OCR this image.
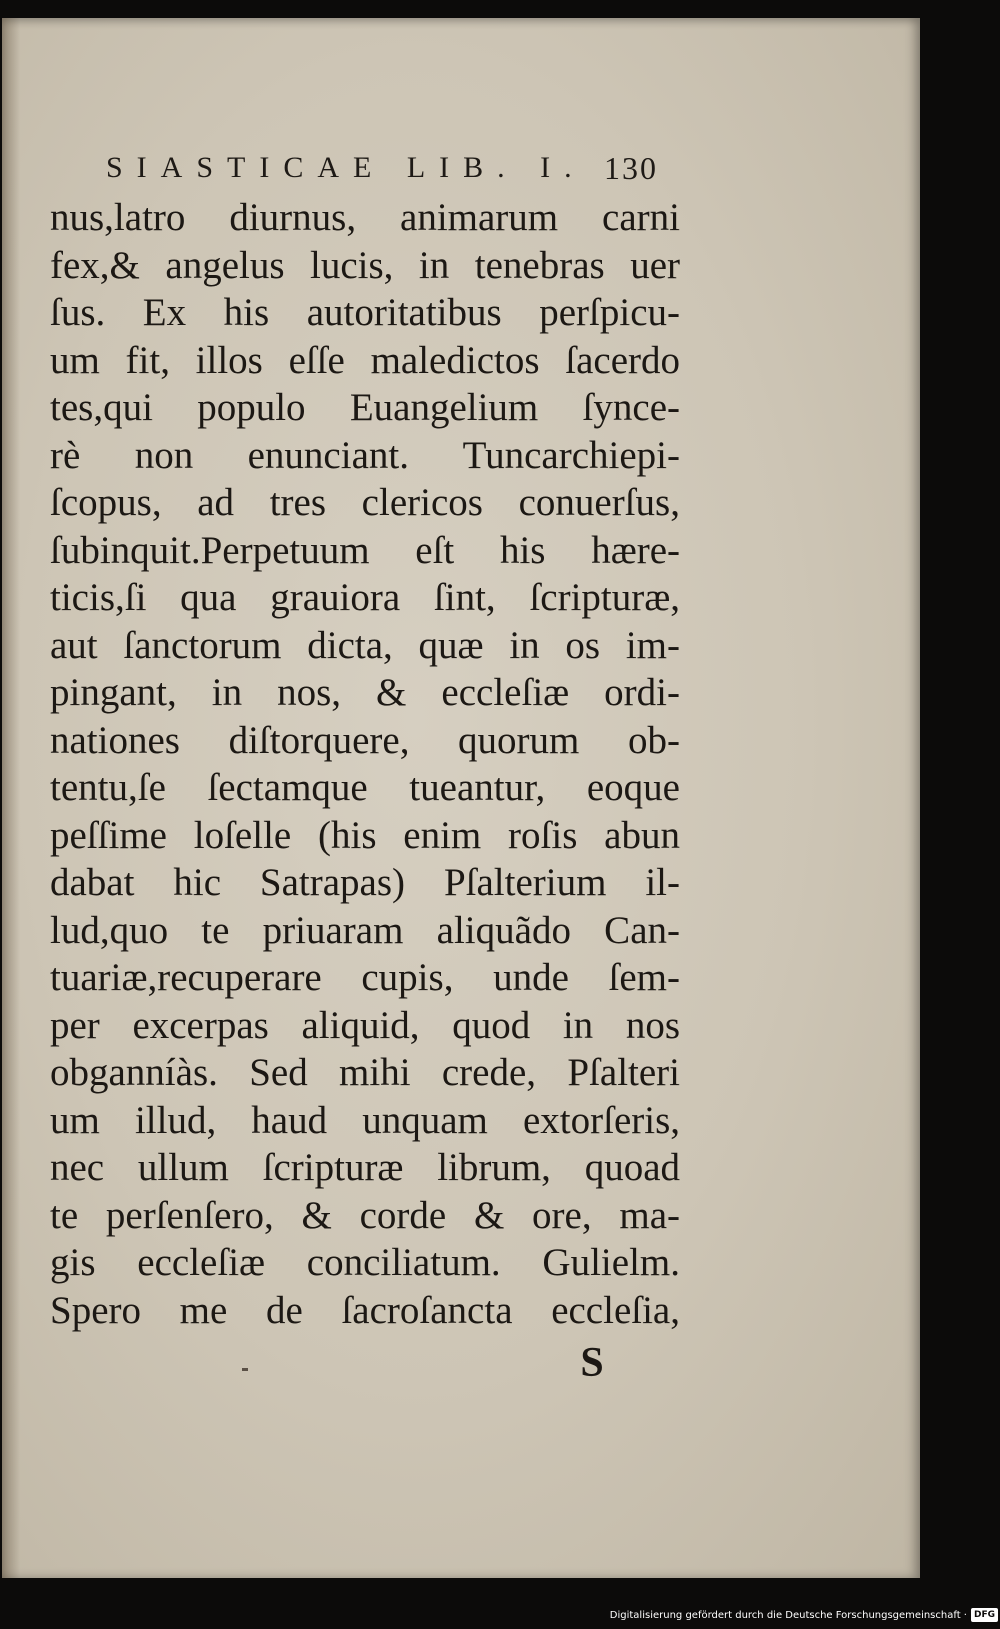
SIASTICAE LIB. I. 130
nus,latro diurnus, animarum carni
fex,& angelus lucis, in tenebras uer
ſus. Ex his autoritatibus perſpicu-
um fit, illos eſſe maledictos ſacerdo
tes,qui populo Euangelium ſynce-
rè non enunciant. Tuncarchiepi-
ſcopus, ad tres clericos conuerſus,
ſubinquit.Perpetuum eſt his hære-
ticis,ſi qua grauiora ſint, ſcripturæ,
aut ſanctorum dicta, quæ in os im-
pingant, in nos, & eccleſiæ ordi-
nationes diſtorquere, quorum ob-
tentu,ſe ſectamque tueantur, eoque
peſſime loſelle (his enim roſis abun
dabat hic Satrapas) Pſalterium il-
lud,quo te priuaram aliquãdo Can-
tuariæ,recuperare cupis, unde ſem-
per excerpas aliquid, quod in nos
obganníàs. Sed mihi crede, Pſalteri
um illud, haud unquam extorſeris,
nec ullum ſcripturæ librum, quoad
te perſenſero, & corde & ore, ma-
gis eccleſiæ conciliatum. Gulielm.
Spero me de ſacroſancta eccleſia,
S
Digitalisierung gefördert durch die Deutsche Forschungsgemeinschaft · DFG
